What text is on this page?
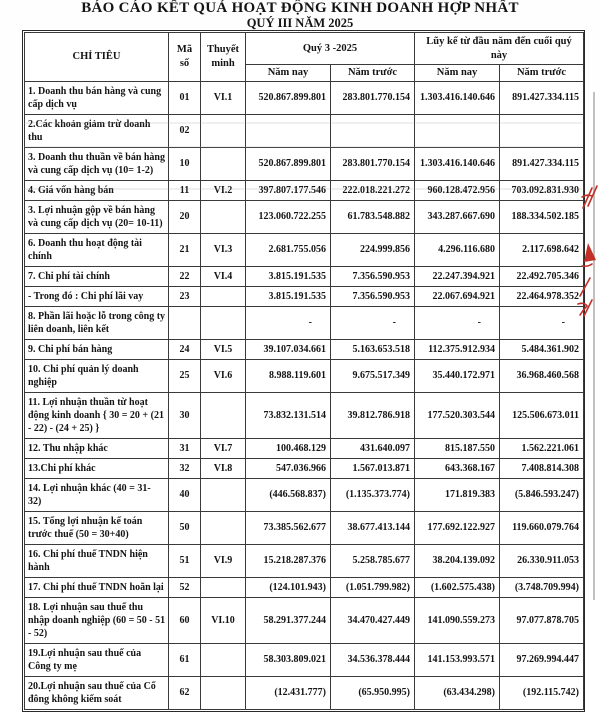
BÁO CÁO KẾT QUẢ HOẠT ĐỘNG KINH DOANH HỢP NHẤT
QUÝ III NĂM 2025
CHỈ TIÊU	Mã số	Thuyết minh	Quý 3 -2025		Lũy kế từ đầu năm đến cuối quý này	
			Năm nay	Năm trước	Năm nay	Năm trước
1. Doanh thu bán hàng và cung cấp dịch vụ	01	VI.1	520.867.899.801	283.801.770.154	1.303.416.140.646	891.427.334.115
2.Các khoản giảm trừ doanh thu	02					
3. Doanh thu thuần về bán hàng và cung cấp dịch vụ (10= 1-2)	10		520.867.899.801	283.801.770.154	1.303.416.140.646	891.427.334.115
4. Giá vốn hàng bán	11	VI.2	397.807.177.546	222.018.221.272	960.128.472.956	703.092.831.930
3. Lợi nhuận gộp về bán hàng và cung cấp dịch vụ (20= 10-11)	20		123.060.722.255	61.783.548.882	343.287.667.690	188.334.502.185
6. Doanh thu hoạt động tài chính	21	VI.3	2.681.755.056	224.999.856	4.296.116.680	2.117.698.642
7. Chi phí tài chính	22	VI.4	3.815.191.535	7.356.590.953	22.247.394.921	22.492.705.346
- Trong đó : Chi phí lãi vay	23		3.815.191.535	7.356.590.953	22.067.694.921	22.464.978.352
8. Phần lãi hoặc lỗ trong công ty liên doanh, liên kết			-	-	-	-
9. Chi phí bán hàng	24	VI.5	39.107.034.661	5.163.653.518	112.375.912.934	5.484.361.902
10. Chi phí quản lý doanh nghiệp	25	VI.6	8.988.119.601	9.675.517.349	35.440.172.971	36.968.460.568
11. Lợi nhuận thuần từ hoạt động kinh doanh { 30 = 20 + (21 - 22) - (24 + 25) }	30		73.832.131.514	39.812.786.918	177.520.303.544	125.506.673.011
12. Thu nhập khác	31	VI.7	100.468.129	431.640.097	815.187.550	1.562.221.061
13.Chi phí khác	32	VI.8	547.036.966	1.567.013.871	643.368.167	7.408.814.308
14. Lợi nhuận khác (40 = 31- 32)	40		(446.568.837)	(1.135.373.774)	171.819.383	(5.846.593.247)
15. Tổng lợi nhuận kế toán trước thuế (50 = 30+40)	50		73.385.562.677	38.677.413.144	177.692.122.927	119.660.079.764
16. Chi phí thuế TNDN hiện hành	51	VI.9	15.218.287.376	5.258.785.677	38.204.139.092	26.330.911.053
17. Chi phí thuế TNDN hoãn lại	52		(124.101.943)	(1.051.799.982)	(1.602.575.438)	(3.748.709.994)
18. Lợi nhuận sau thuế thu nhập doanh nghiệp (60 = 50 - 51 - 52)	60	VI.10	58.291.377.244	34.470.427.449	141.090.559.273	97.077.878.705
19.Lợi nhuận sau thuế của Công ty mẹ	61		58.303.809.021	34.536.378.444	141.153.993.571	97.269.994.447
20.Lợi nhuận sau thuế của Cổ đông không kiểm soát	62		(12.431.777)	(65.950.995)	(63.434.298)	(192.115.742)
